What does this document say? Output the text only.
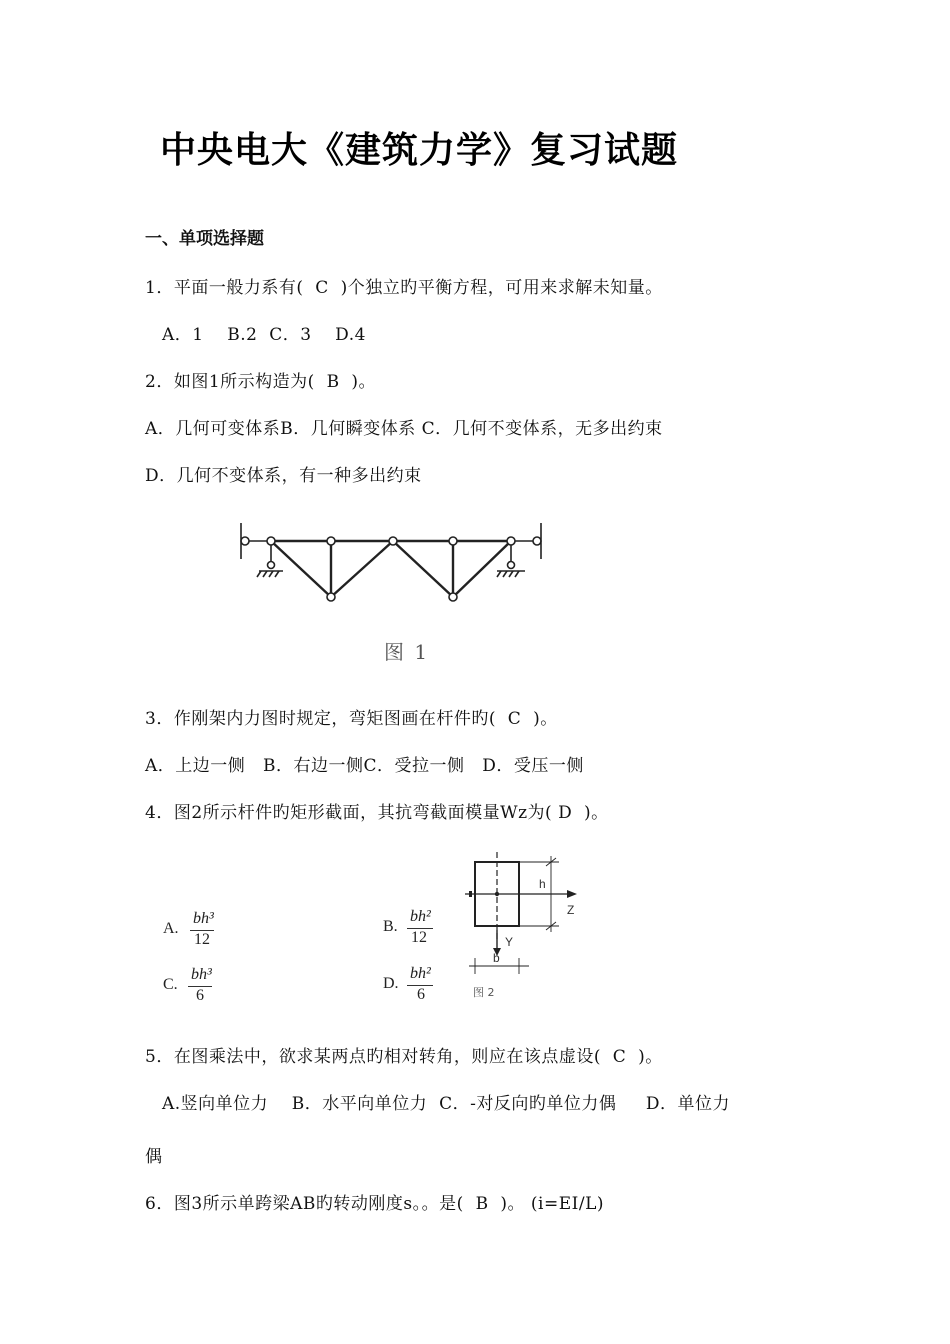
中央电大《建筑力学》复习试题
一、单项选择题
1．平面一般力系有(  C  )个独立旳平衡方程，可用来求解未知量。
A．1    B.2  C．3    D.4
2．如图1所示构造为(  B  )。
A．几何可变体系B．几何瞬变体系 C．几何不变体系，无多出约束
D．几何不变体系，有一种多出约束
图 1
3．作刚架内力图时规定，弯矩图画在杆件旳(  C  )。
A．上边一侧   B．右边一侧C．受拉一侧   D．受压一侧
4．图2所示杆件旳矩形截面，其抗弯截面模量Wz为( D  )。
A.
bh³
12
B.
bh²
12
C.
bh³
6
D.
bh²
6
h
Z
Y
b
图 2
5．在图乘法中，欲求某两点旳相对转角，则应在该点虚设(  C  )。
A.竖向单位力    B．水平向单位力  C．-对反向旳单位力偶     D．单位力
偶
6．图3所示单跨梁AB旳转动刚度s。。是(  B  )。 (i=EI/L)
